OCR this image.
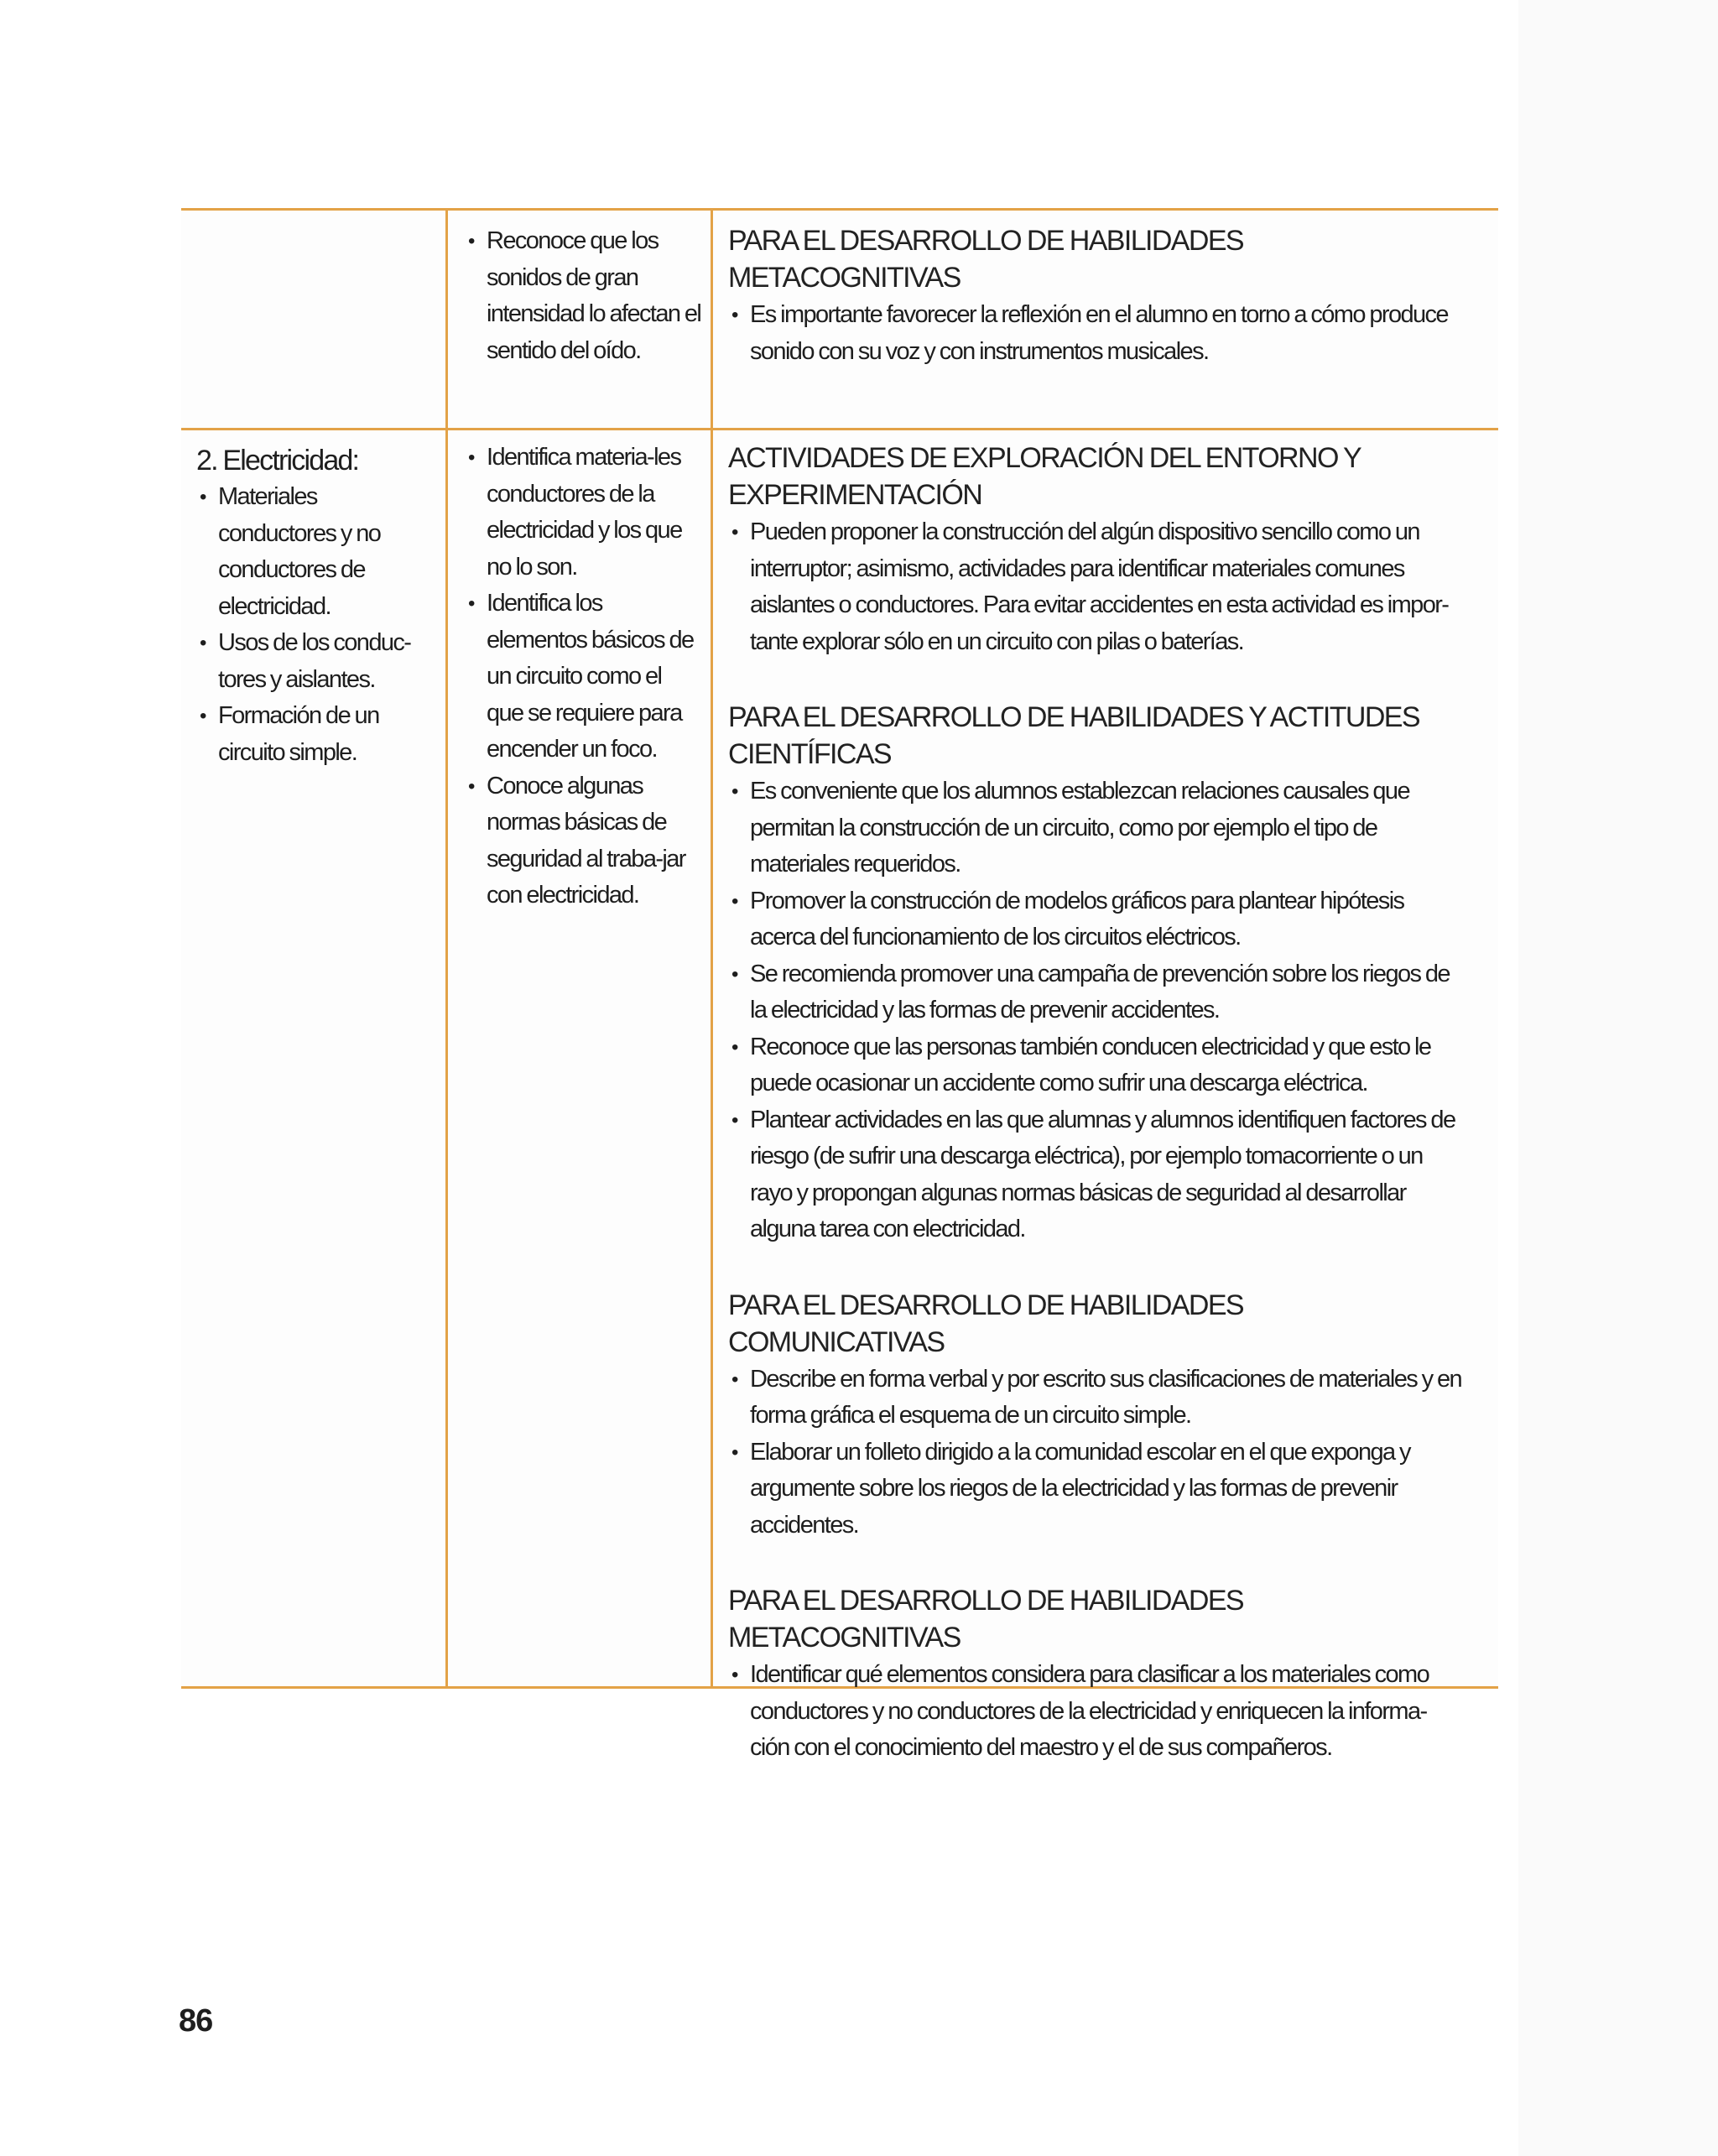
• Reconoce que los sonidos de gran intensidad lo afectan el sentido del oído.
PARA EL DESARROLLO DE HABILIDADES METACOGNITIVAS
• Es importante favorecer la reflexión en el alumno en torno a cómo produce sonido con su voz y con instrumentos musicales.
2. Electricidad:
• Materiales conductores y no conductores de electricidad.
• Usos de los conduc-tores y aislantes.
• Formación de un circuito simple.
• Identifica materia-les conductores de la electricidad y los que no lo son.
• Identifica los elementos básicos de un circuito como el que se requiere para encender un foco.
• Conoce algunas normas básicas de seguridad al traba-jar con electricidad.
ACTIVIDADES DE EXPLORACIÓN DEL ENTORNO Y EXPERIMENTACIÓN
• Pueden proponer la construcción del algún dispositivo sencillo como un interruptor; asimismo, actividades para identificar materiales comunes aislantes o conductores. Para evitar accidentes en esta actividad es impor-tante explorar sólo en un circuito con pilas o baterías.
PARA EL DESARROLLO DE HABILIDADES Y ACTITUDES CIENTÍFICAS
• Es conveniente que los alumnos establezcan relaciones causales que permitan la construcción de un circuito, como por ejemplo el tipo de materiales requeridos.
• Promover la construcción de modelos gráficos para plantear hipótesis acerca del funcionamiento de los circuitos eléctricos.
• Se recomienda promover una campaña de prevención sobre los riegos de la electricidad y las formas de prevenir accidentes.
• Reconoce que las personas también conducen electricidad y que esto le puede ocasionar un accidente como sufrir una descarga eléctrica.
• Plantear actividades en las que alumnas y alumnos identifiquen factores de riesgo (de sufrir una descarga eléctrica), por ejemplo tomacorriente o un rayo y propongan algunas normas básicas de seguridad al desarrollar alguna tarea con electricidad.
PARA EL DESARROLLO DE HABILIDADES COMUNICATIVAS
• Describe en forma verbal y por escrito sus clasificaciones de materiales y en forma gráfica el esquema de un circuito simple.
• Elaborar un folleto dirigido a la comunidad escolar en el que exponga y argumente sobre los riegos de la electricidad y las formas de prevenir accidentes.
PARA EL DESARROLLO DE HABILIDADES METACOGNITIVAS
• Identificar qué elementos considera para clasificar a los materiales como conductores y no conductores de la electricidad y enriquecen la informa-ción con el conocimiento del maestro y el de sus compañeros.
86
